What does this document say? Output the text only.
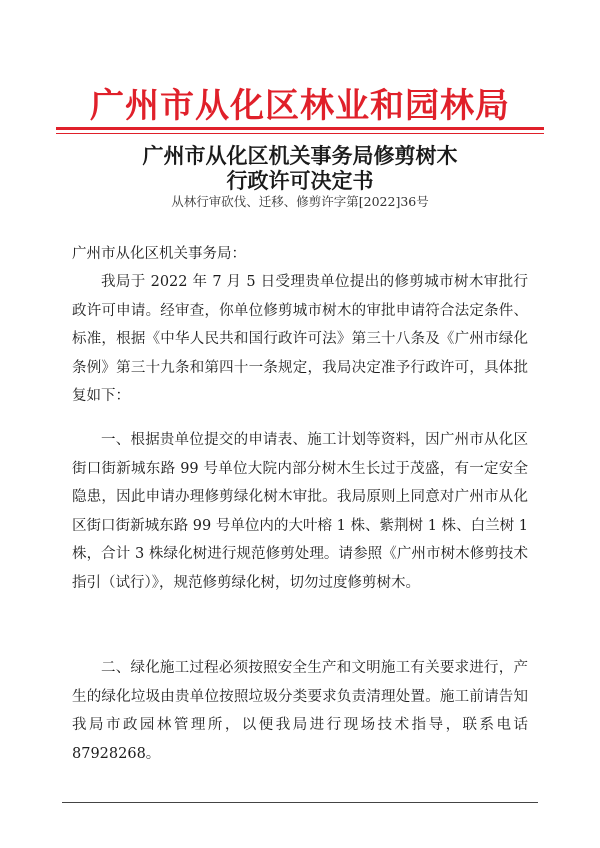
广州市从化区林业和园林局
广州市从化区机关事务局修剪树木
行政许可决定书
从林行审砍伐、迁移、修剪许字第[2022]36号
广州市从化区机关事务局：
我局于 2022 年 7 月 5 日受理贵单位提出的修剪城市树木审批行政许可申请。经审查，你单位修剪城市树木的审批申请符合法定条件、标准，根据《中华人民共和国行政许可法》第三十八条及《广州市绿化条例》第三十九条和第四十一条规定，我局决定准予行政许可，具体批复如下：
一、根据贵单位提交的申请表、施工计划等资料，因广州市从化区街口街新城东路 99 号单位大院内部分树木生长过于茂盛，有一定安全隐患，因此申请办理修剪绿化树木审批。我局原则上同意对广州市从化区街口街新城东路 99 号单位内的大叶榕 1 株、紫荆树 1 株、白兰树 1 株，合计 3 株绿化树进行规范修剪处理。请参照《广州市树木修剪技术指引（试行）》，规范修剪绿化树，切勿过度修剪树木。
二、绿化施工过程必须按照安全生产和文明施工有关要求进行，产生的绿化垃圾由贵单位按照垃圾分类要求负责清理处置。施工前请告知我局市政园林管理所，以便我局进行现场技术指导，联系电话 87928268。
